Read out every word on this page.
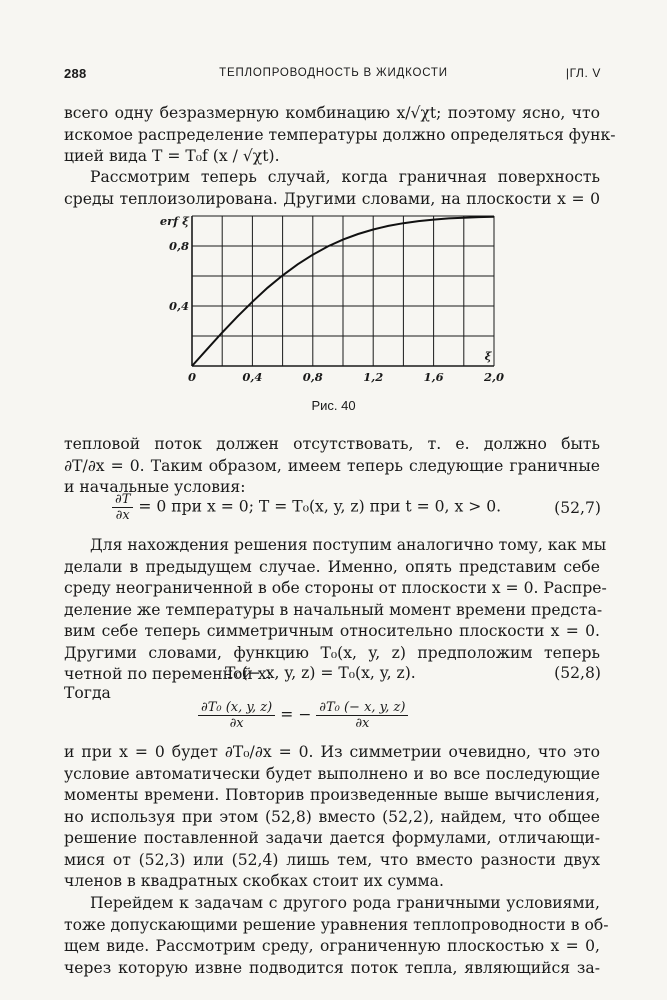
288	ТЕПЛОПРОВОДНОСТЬ В ЖИДКОСТИ	|ГЛ. V
всего одну безразмерную комбинацию x/√χt; поэтому ясно, что
искомое распределение температуры должно определяться функ-
цией вида T = T₀f (x / √χt).
Рассмотрим теперь случай, когда граничная поверхность
среды теплоизолирована. Другими словами, на плоскости x = 0
0	0,4	0,8	1,2	1,6	2,0
0,4
0,8
erf ξ
ξ
Рис. 40
тепловой поток должен отсутствовать, т. е. должно быть
∂T/∂x = 0. Таким образом, имеем теперь следующие граничные
и начальные условия:
$\frac{\partial T}{\partial x} = 0$ при x = 0; T = T₀(x, y, z) при t = 0, x > 0.	(52,7)
Для нахождения решения поступим аналогично тому, как мы
делали в предыдущем случае. Именно, опять представим себе
среду неограниченной в обе стороны от плоскости x = 0. Распре-
деление же температуры в начальный момент времени предста-
вим себе теперь симметричным относительно плоскости x = 0.
Другими словами, функцию T₀(x, y, z) предположим теперь
четной по переменной x:
T₀(− x, y, z) = T₀(x, y, z).	(52,8)
Тогда
$\frac{\text{∂T₀ (x, y, z)}}{\partial x}$ = − $\frac{\text{∂T₀ (− x, y, z)}}{\partial x}$
и при x = 0 будет ∂T₀/∂x = 0. Из симметрии очевидно, что это
условие автоматически будет выполнено и во все последующие
моменты времени. Повторив произведенные выше вычисления,
но используя при этом (52,8) вместо (52,2), найдем, что общее
решение поставленной задачи дается формулами, отличающи-
мися от (52,3) или (52,4) лишь тем, что вместо разности двух
членов в квадратных скобках стоит их сумма.
Перейдем к задачам с другого рода граничными условиями,
тоже допускающими решение уравнения теплопроводности в об-
щем виде. Рассмотрим среду, ограниченную плоскостью x = 0,
через которую извне подводится поток тепла, являющийся за-
